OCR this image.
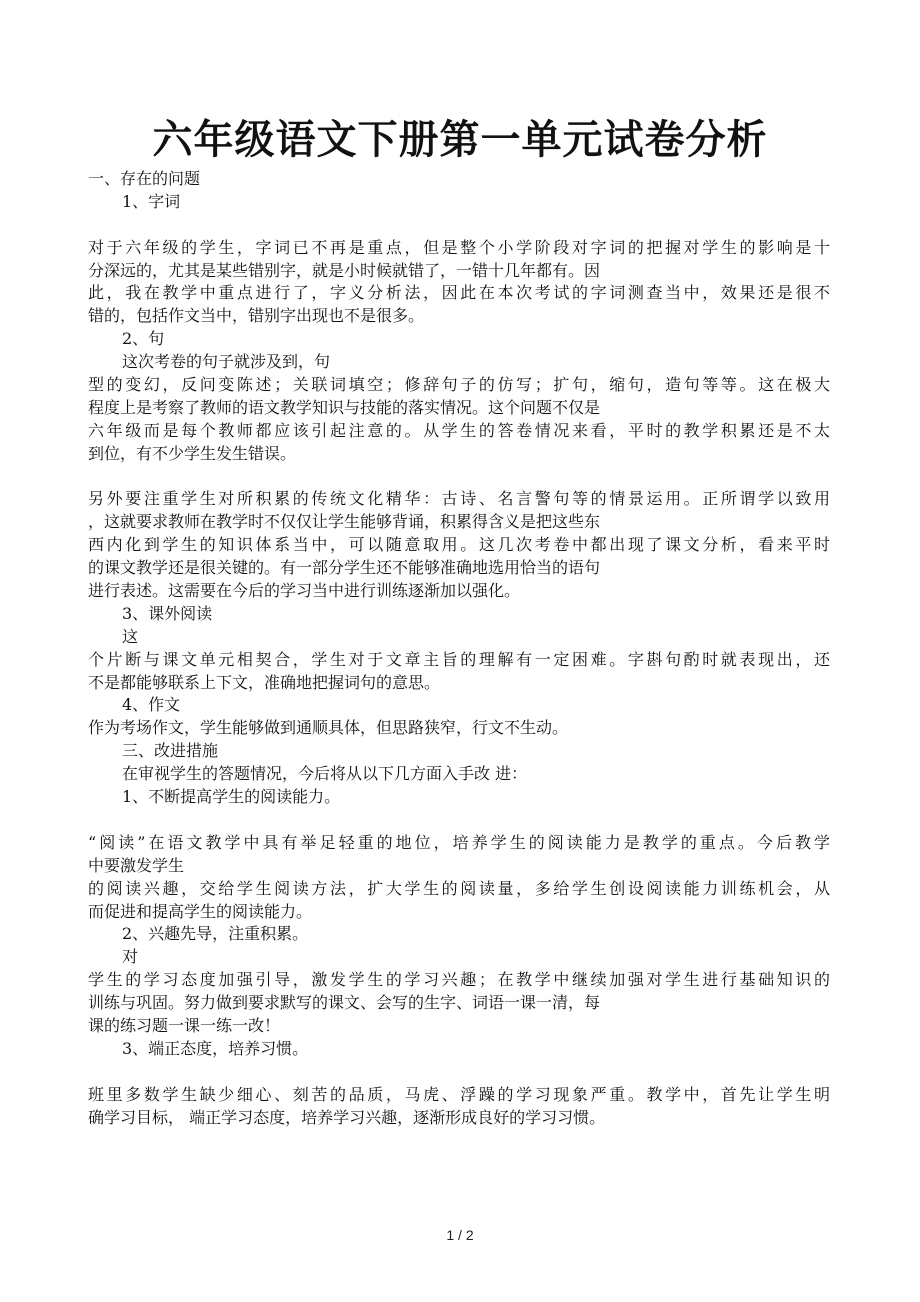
六年级语文下册第一单元试卷分析
一、存在的问题
1、字词
对于六年级的学生，字词已不再是重点，但是整个小学阶段对字词的把握对学生的影响是十
分深远的，尤其是某些错别字，就是小时候就错了，一错十几年都有。因
此，我在教学中重点进行了，字义分析法，因此在本次考试的字词测查当中，效果还是很不
错的，包括作文当中，错别字出现也不是很多。
2、句
这次考卷的句子就涉及到，句
型的变幻，反问变陈述；关联词填空；修辞句子的仿写；扩句，缩句，造句等等。这在极大
程度上是考察了教师的语文教学知识与技能的落实情况。这个问题不仅是
六年级而是每个教师都应该引起注意的。从学生的答卷情况来看，平时的教学积累还是不太
到位，有不少学生发生错误。
另外要注重学生对所积累的传统文化精华：古诗、名言警句等的情景运用。正所谓学以致用
，这就要求教师在教学时不仅仅让学生能够背诵，积累得含义是把这些东
西内化到学生的知识体系当中，可以随意取用。这几次考卷中都出现了课文分析，看来平时
的课文教学还是很关键的。有一部分学生还不能够准确地选用恰当的语句
进行表述。这需要在今后的学习当中进行训练逐渐加以强化。
3、课外阅读
这
个片断与课文单元相契合，学生对于文章主旨的理解有一定困难。字斟句酌时就表现出，还
不是都能够联系上下文，准确地把握词句的意思。
4、作文
作为考场作文，学生能够做到通顺具体，但思路狭窄，行文不生动。
三、改进措施
在审视学生的答题情况，今后将从以下几方面入手改 进：
1、不断提高学生的阅读能力。
“阅读”在语文教学中具有举足轻重的地位，培养学生的阅读能力是教学的重点。今后教学
中要激发学生
的阅读兴趣，交给学生阅读方法，扩大学生的阅读量，多给学生创设阅读能力训练机会，从
而促进和提高学生的阅读能力。
2、兴趣先导，注重积累。
对
学生的学习态度加强引导，激发学生的学习兴趣；在教学中继续加强对学生进行基础知识的
训练与巩固。努力做到要求默写的课文、会写的生字、词语一课一清，每
课的练习题一课一练一改！
3、端正态度，培养习惯。
班里多数学生缺少细心、刻苦的品质，马虎、浮躁的学习现象严重。教学中，首先让学生明
确学习目标， 端正学习态度，培养学习兴趣，逐渐形成良好的学习习惯。
1 / 2
